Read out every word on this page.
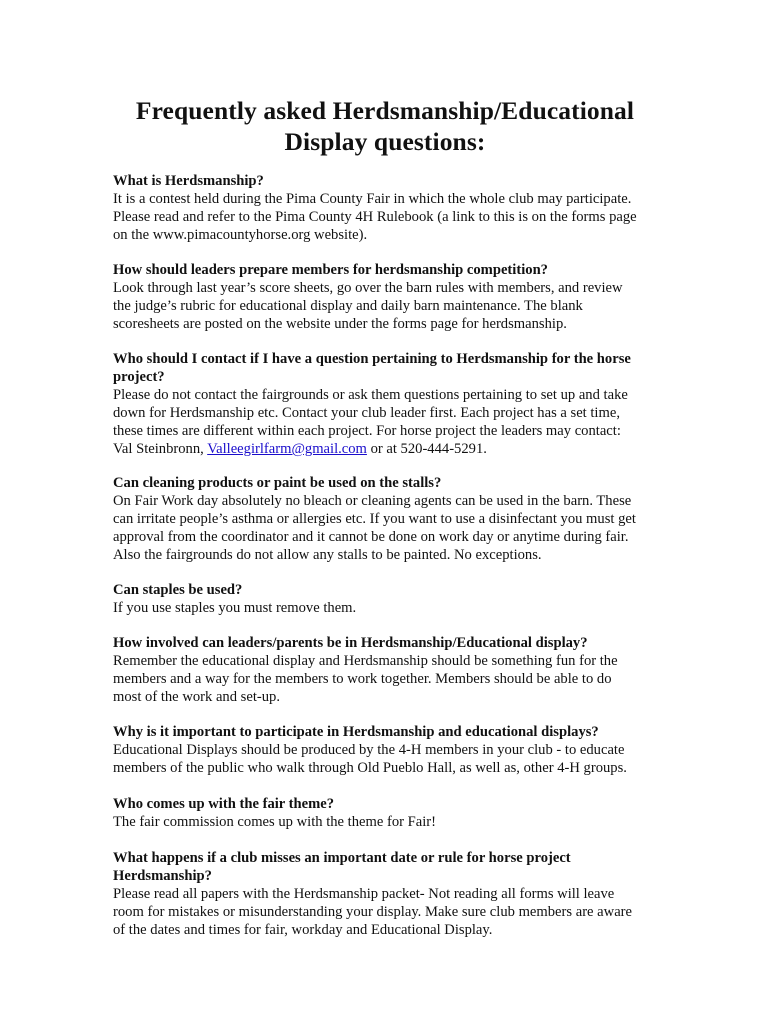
Frequently asked Herdsmanship/Educational
Display questions:

What is Herdsmanship?

It is a contest held during the Pima County Fair in which the whole club may participate.
Please read and refer to the Pima County 4H Rulebook (a link to this is on the forms page
on the www.pimacountyhorse.org website).

How should leaders prepare members for herdsmanship competition?

Look through last year’s score sheets, go over the barn rules with members, and review
the judge’s rubric for educational display and daily barn maintenance. The blank
scoresheets are posted on the website under the forms page for herdsmanship.

Who should I contact if I have a question pertaining to Herdsmanship for the horse
project?

Please do not contact the fairgrounds or ask them questions pertaining to set up and take
down for Herdsmanship etc. Contact your club leader first. Each project has a set time,
these times are different within each project. For horse project the leaders may contact:
Val Steinbronn, Valleegirlfarm@gmail.com or at 520-444-5291.

Can cleaning products or paint be used on the stalls?

On Fair Work day absolutely no bleach or cleaning agents can be used in the barn. These
can irritate people’s asthma or allergies etc. If you want to use a disinfectant you must get
approval from the coordinator and it cannot be done on work day or anytime during fair.
Also the fairgrounds do not allow any stalls to be painted. No exceptions.

Can staples be used?

If you use staples you must remove them.

How involved can leaders/parents be in Herdsmanship/Educational display?

Remember the educational display and Herdsmanship should be something fun for the
members and a way for the members to work together. Members should be able to do
most of the work and set-up.

Why is it important to participate in Herdsmanship and educational displays?

Educational Displays should be produced by the 4-H members in your club - to educate
members of the public who walk through Old Pueblo Hall, as well as, other 4-H groups.

Who comes up with the fair theme?

The fair commission comes up with the theme for Fair!

What happens if a club misses an important date or rule for horse project
Herdsmanship?

Please read all papers with the Herdsmanship packet- Not reading all forms will leave
room for mistakes or misunderstanding your display. Make sure club members are aware
of the dates and times for fair, workday and Educational Display.
